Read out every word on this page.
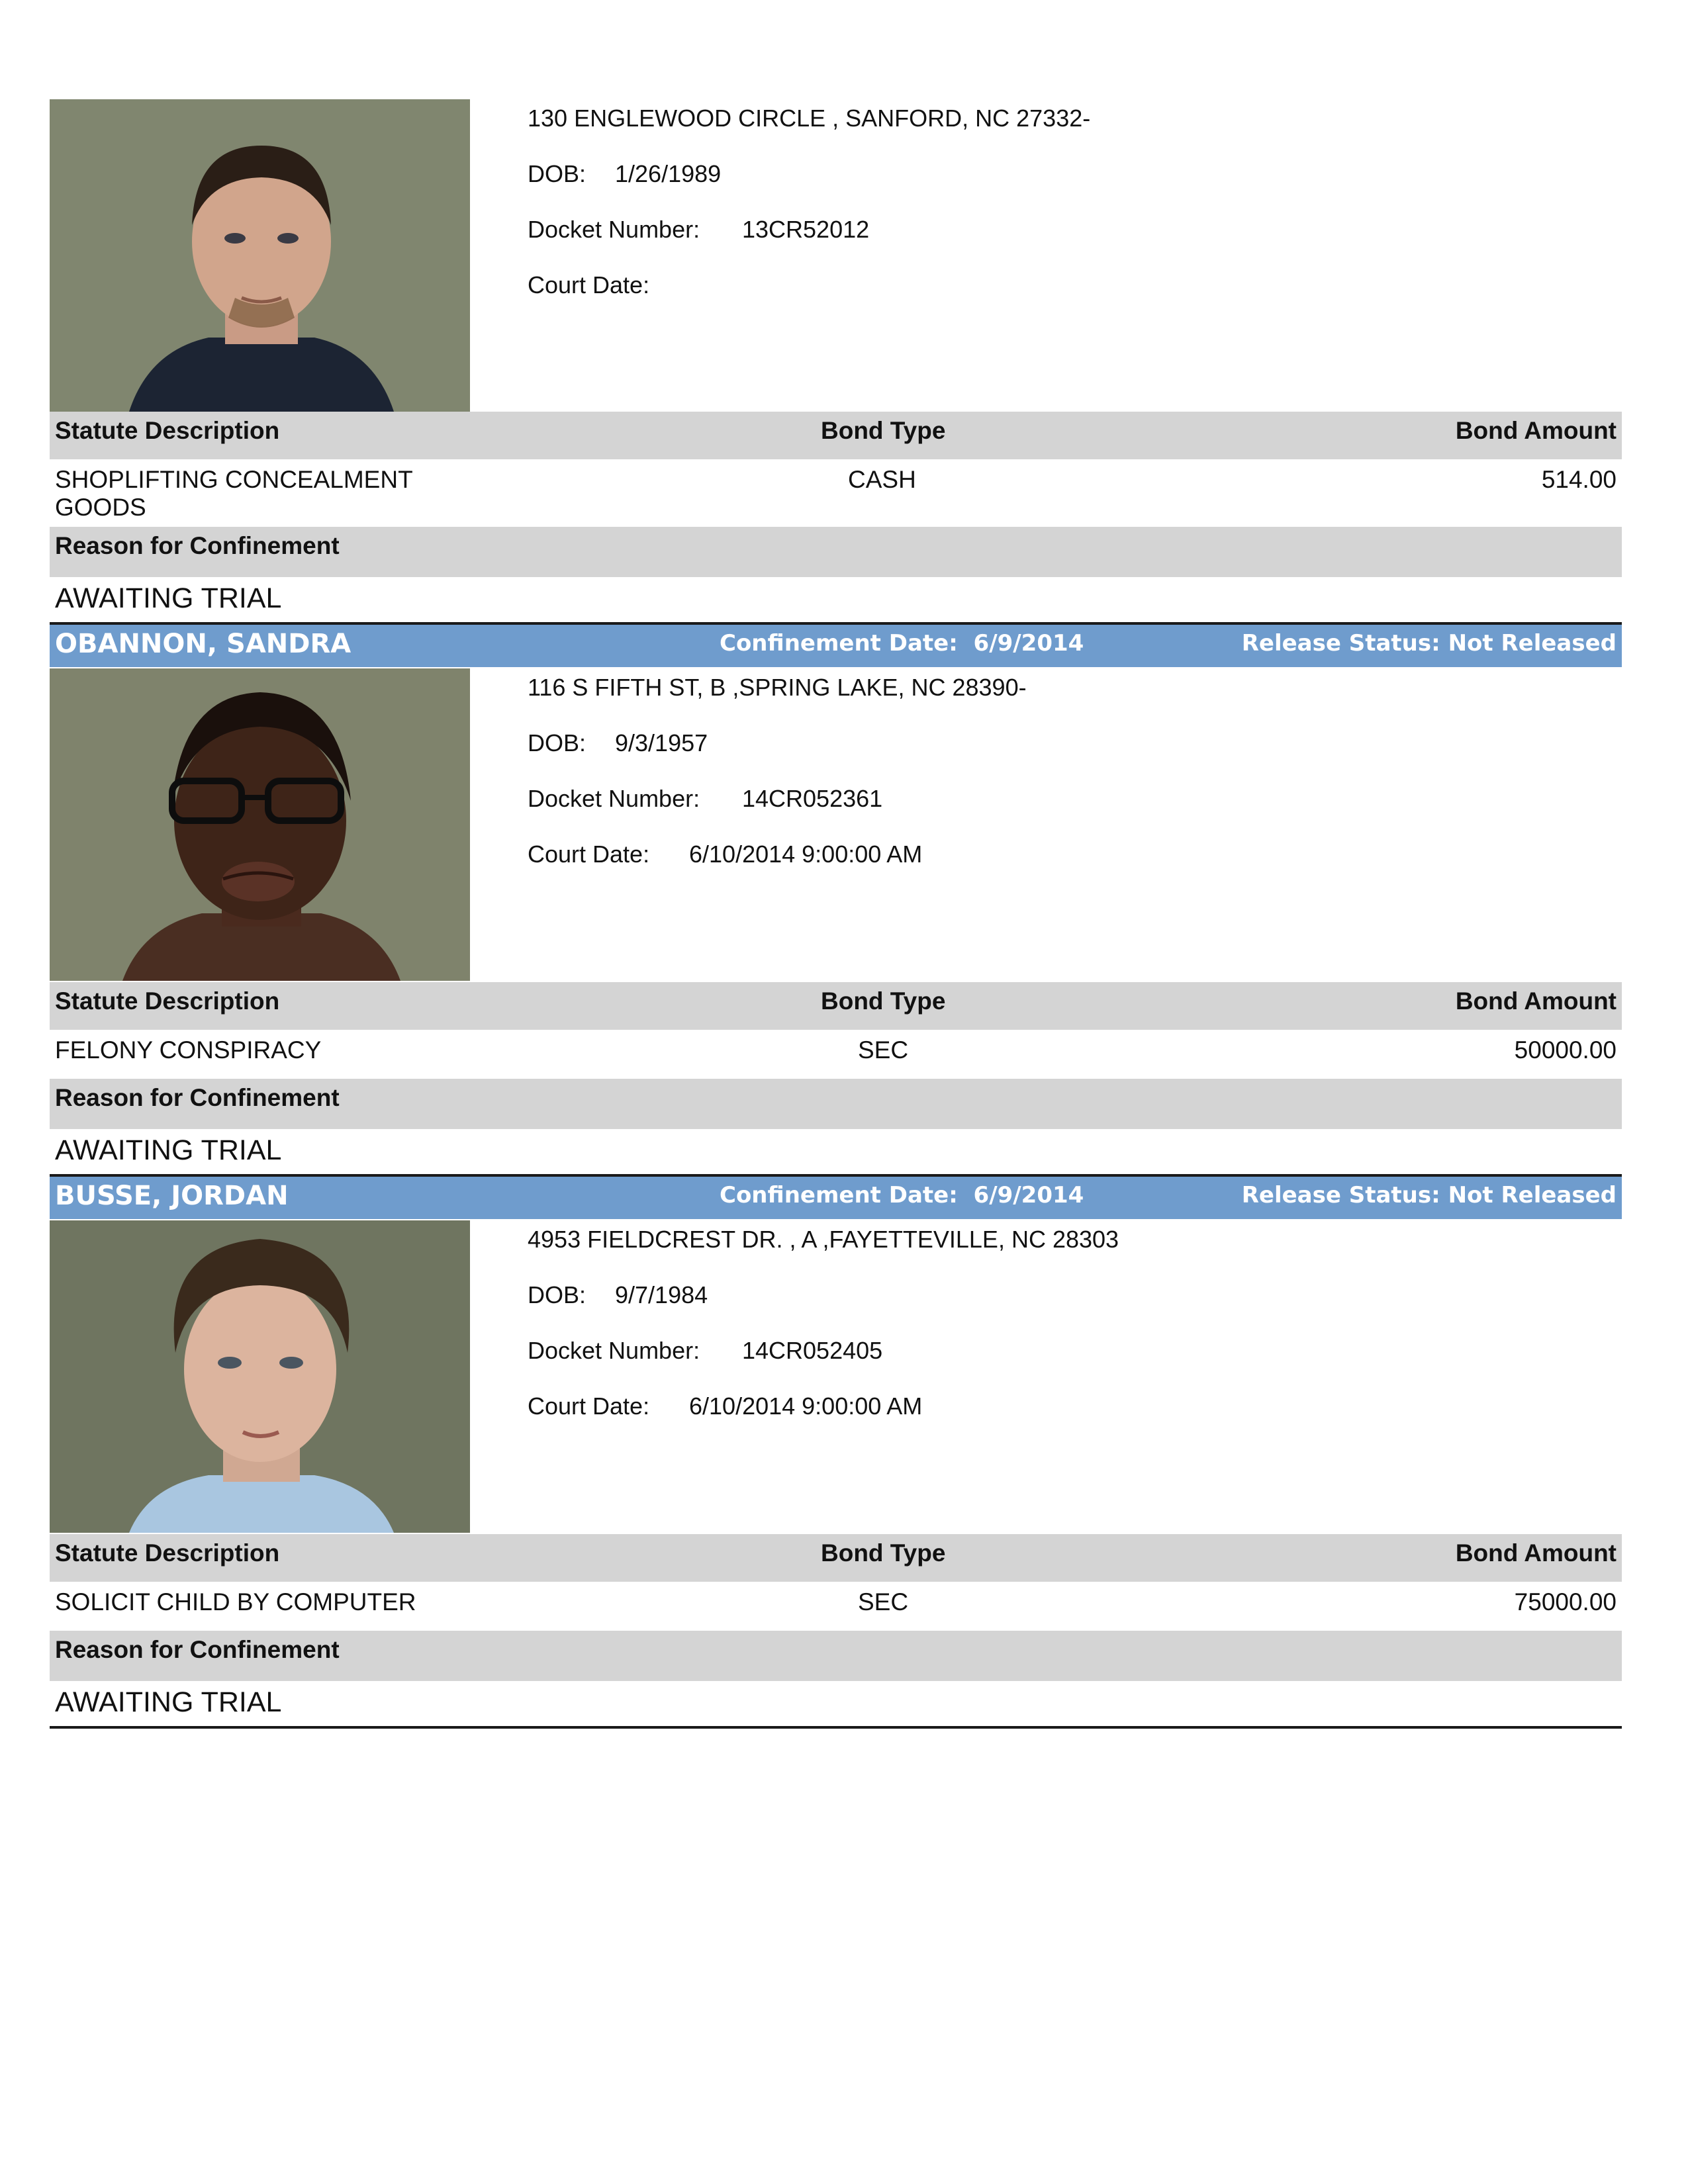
130 ENGLEWOOD CIRCLE , SANFORD, NC 27332-
DOB: 1/26/1989
Docket Number: 13CR52012
Court Date:
Statute Description	Bond Type	Bond Amount
SHOPLIFTING CONCEALMENT
GOODS
CASH	514.00
Reason for Confinement
AWAITING TRIAL
OBANNON, SANDRA	Confinement Date: 6/9/2014	Release Status: Not Released
116 S FIFTH ST, B ,SPRING LAKE, NC 28390-
DOB: 9/3/1957
Docket Number: 14CR052361
Court Date: 6/10/2014 9:00:00 AM
Statute Description	Bond Type	Bond Amount
FELONY CONSPIRACY	SEC	50000.00
Reason for Confinement
AWAITING TRIAL
BUSSE, JORDAN	Confinement Date: 6/9/2014	Release Status: Not Released
4953 FIELDCREST DR. , A ,FAYETTEVILLE, NC 28303
DOB: 9/7/1984
Docket Number: 14CR052405
Court Date: 6/10/2014 9:00:00 AM
Statute Description	Bond Type	Bond Amount
SOLICIT CHILD BY COMPUTER	SEC	75000.00
Reason for Confinement
AWAITING TRIAL
